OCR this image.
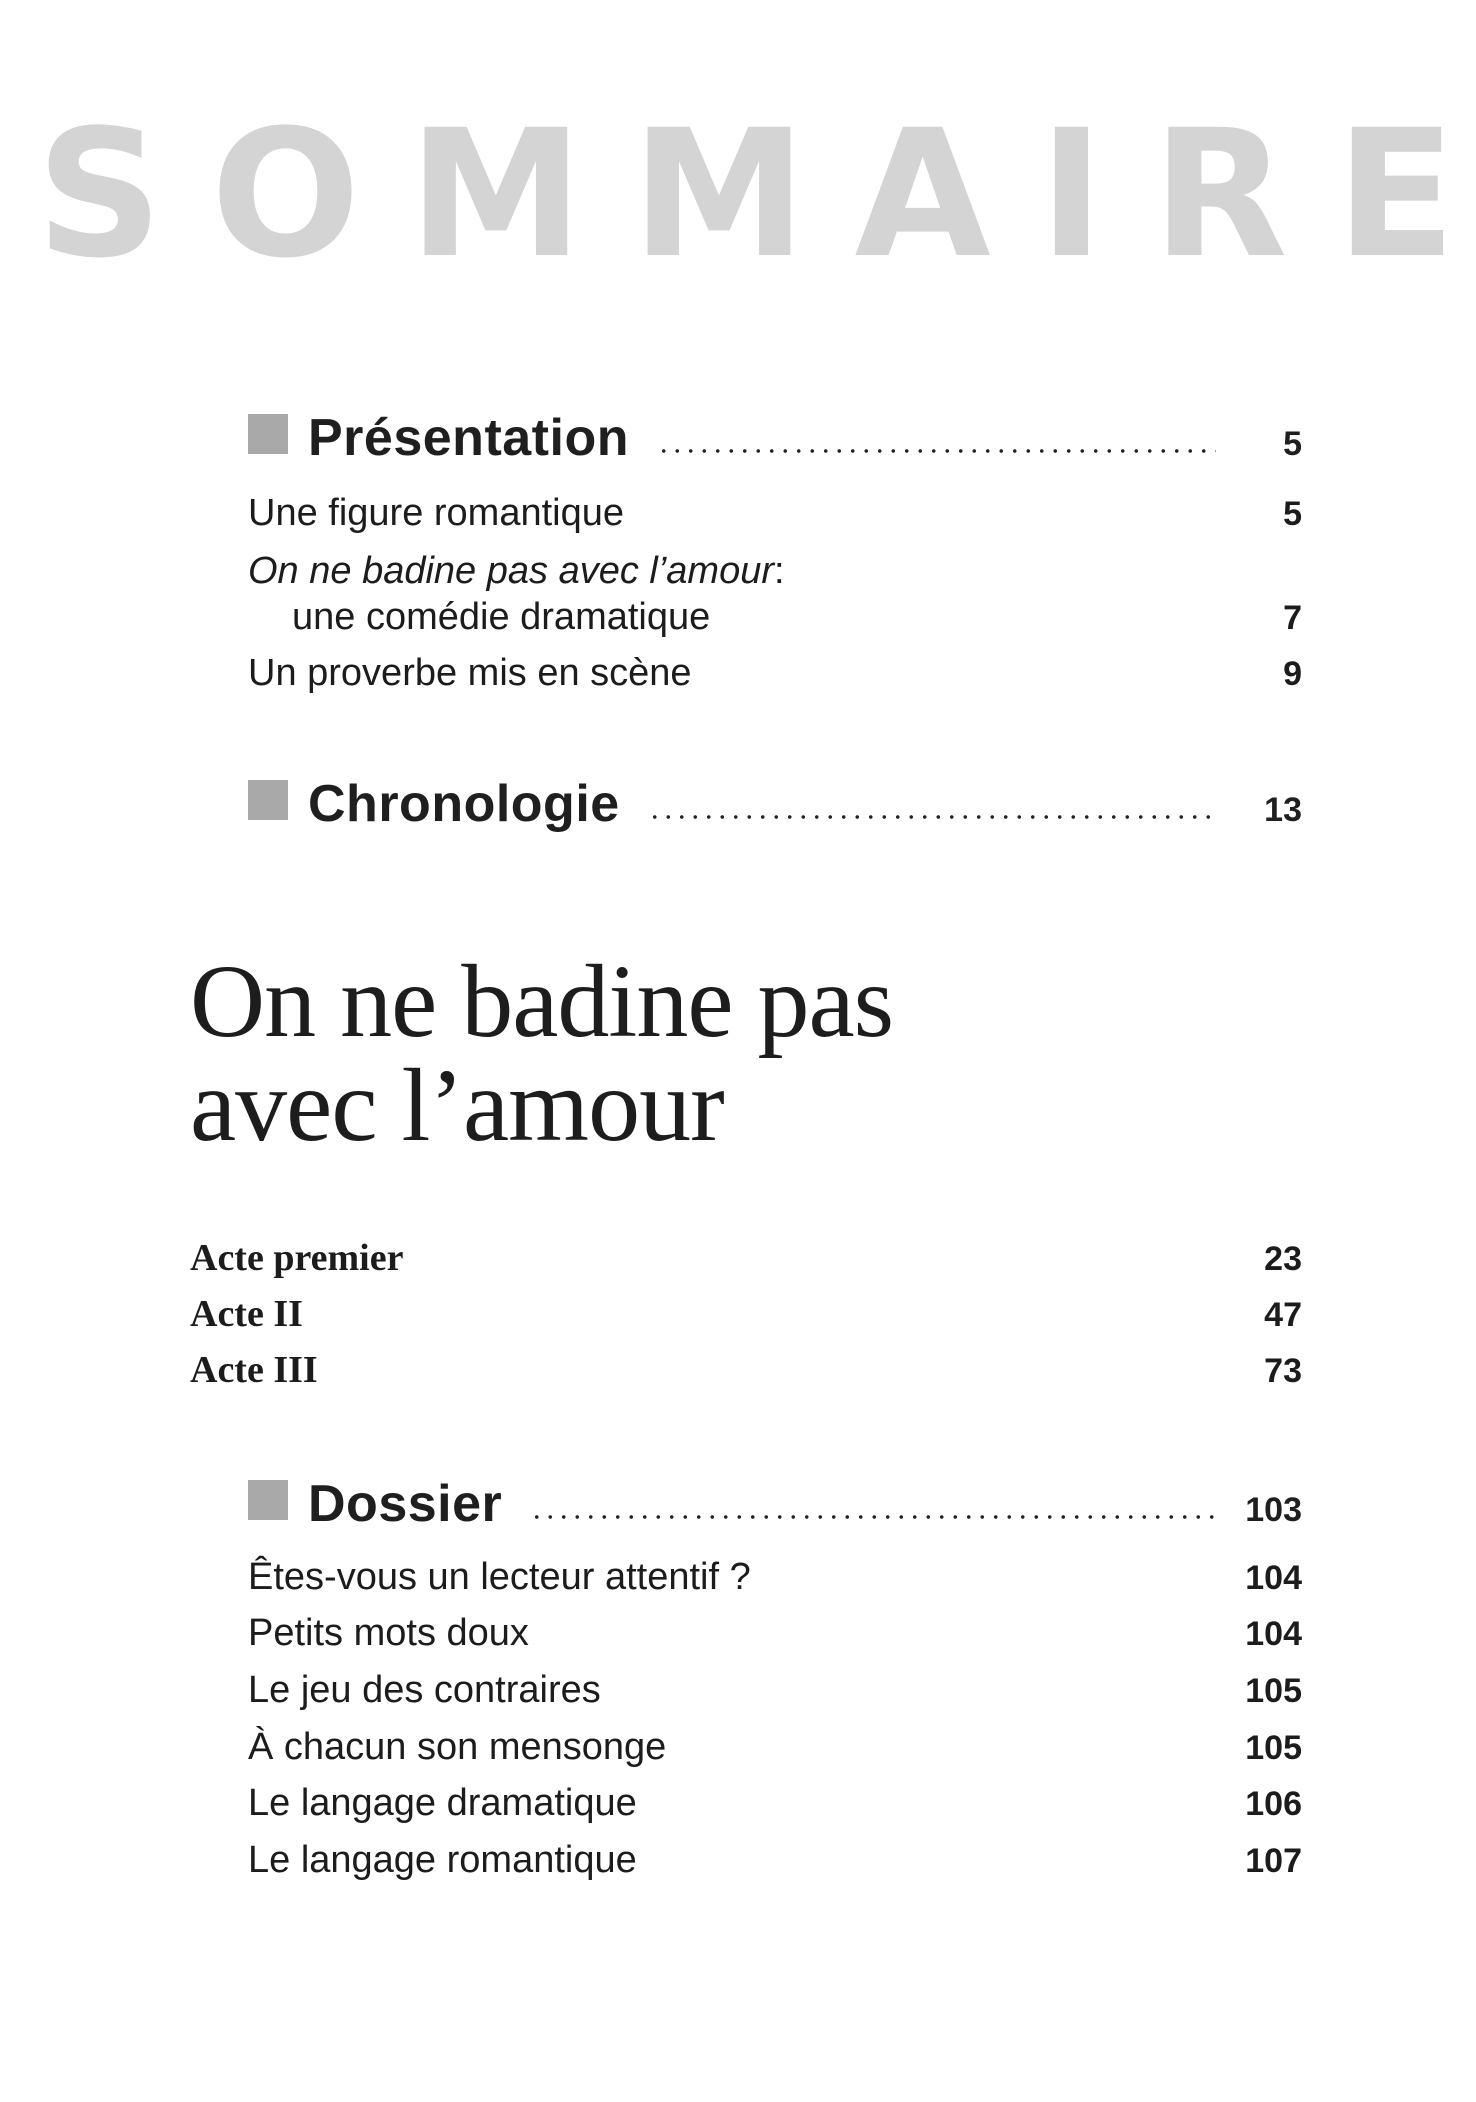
S O M M A I R E
Présentation	5
Une figure romantique	5
On ne badine pas avec l’amour :
une comédie dramatique	7
Un proverbe mis en scène	9
Chronologie	13
On ne badine pas
avec l’amour
Acte premier	23
Acte II	47
Acte III	73
Dossier	103
Êtes-vous un lecteur attentif ?	104
Petits mots doux	104
Le jeu des contraires	105
À chacun son mensonge	105
Le langage dramatique	106
Le langage romantique	107
